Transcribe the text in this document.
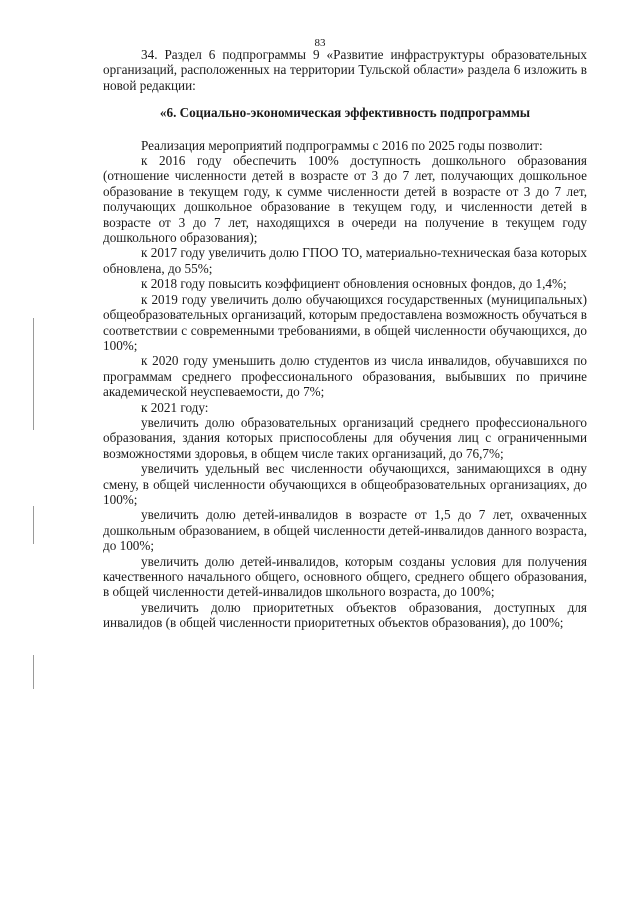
83

34. Раздел 6 подпрограммы 9 «Развитие инфраструктуры образовательных организаций, расположенных на территории Тульской области» раздела 6 изложить в новой редакции:

«6. Социально-экономическая эффективность подпрограммы

Реализация мероприятий подпрограммы с 2016 по 2025 годы позволит:

к 2016 году обеспечить 100% доступность дошкольного образования (отношение численности детей в возрасте от 3 до 7 лет, получающих дошкольное образование в текущем году, к сумме численности детей в возрасте от 3 до 7 лет, получающих дошкольное образование в текущем году, и численности детей в возрасте от 3 до 7 лет, находящихся в очереди на получение в текущем году дошкольного образования);

к 2017 году увеличить долю ГПОО ТО, материально-техническая база которых обновлена, до 55%;

к 2018 году повысить коэффициент обновления основных фондов, до 1,4%;

к 2019 году увеличить долю обучающихся государственных (муниципальных) общеобразовательных организаций, которым предоставлена возможность обучаться в соответствии с современными требованиями, в общей численности обучающихся, до 100%;

к 2020 году уменьшить долю студентов из числа инвалидов, обучавшихся по программам среднего профессионального образования, выбывших по причине академической неуспеваемости, до 7%;

к 2021 году:

увеличить долю образовательных организаций среднего профессионального образования, здания которых приспособлены для обучения лиц с ограниченными возможностями здоровья, в общем числе таких организаций, до 76,7%;

увеличить удельный вес численности обучающихся, занимающихся в одну смену, в общей численности обучающихся в общеобразовательных организациях, до 100%;

увеличить долю детей-инвалидов в возрасте от 1,5 до 7 лет, охваченных дошкольным образованием, в общей численности детей-инвалидов данного возраста, до 100%;

увеличить долю детей-инвалидов, которым созданы условия для получения качественного начального общего, основного общего, среднего общего образования, в общей численности детей-инвалидов школьного возраста, до 100%;

увеличить долю приоритетных объектов образования, доступных для инвалидов (в общей численности приоритетных объектов образования), до 100%;
